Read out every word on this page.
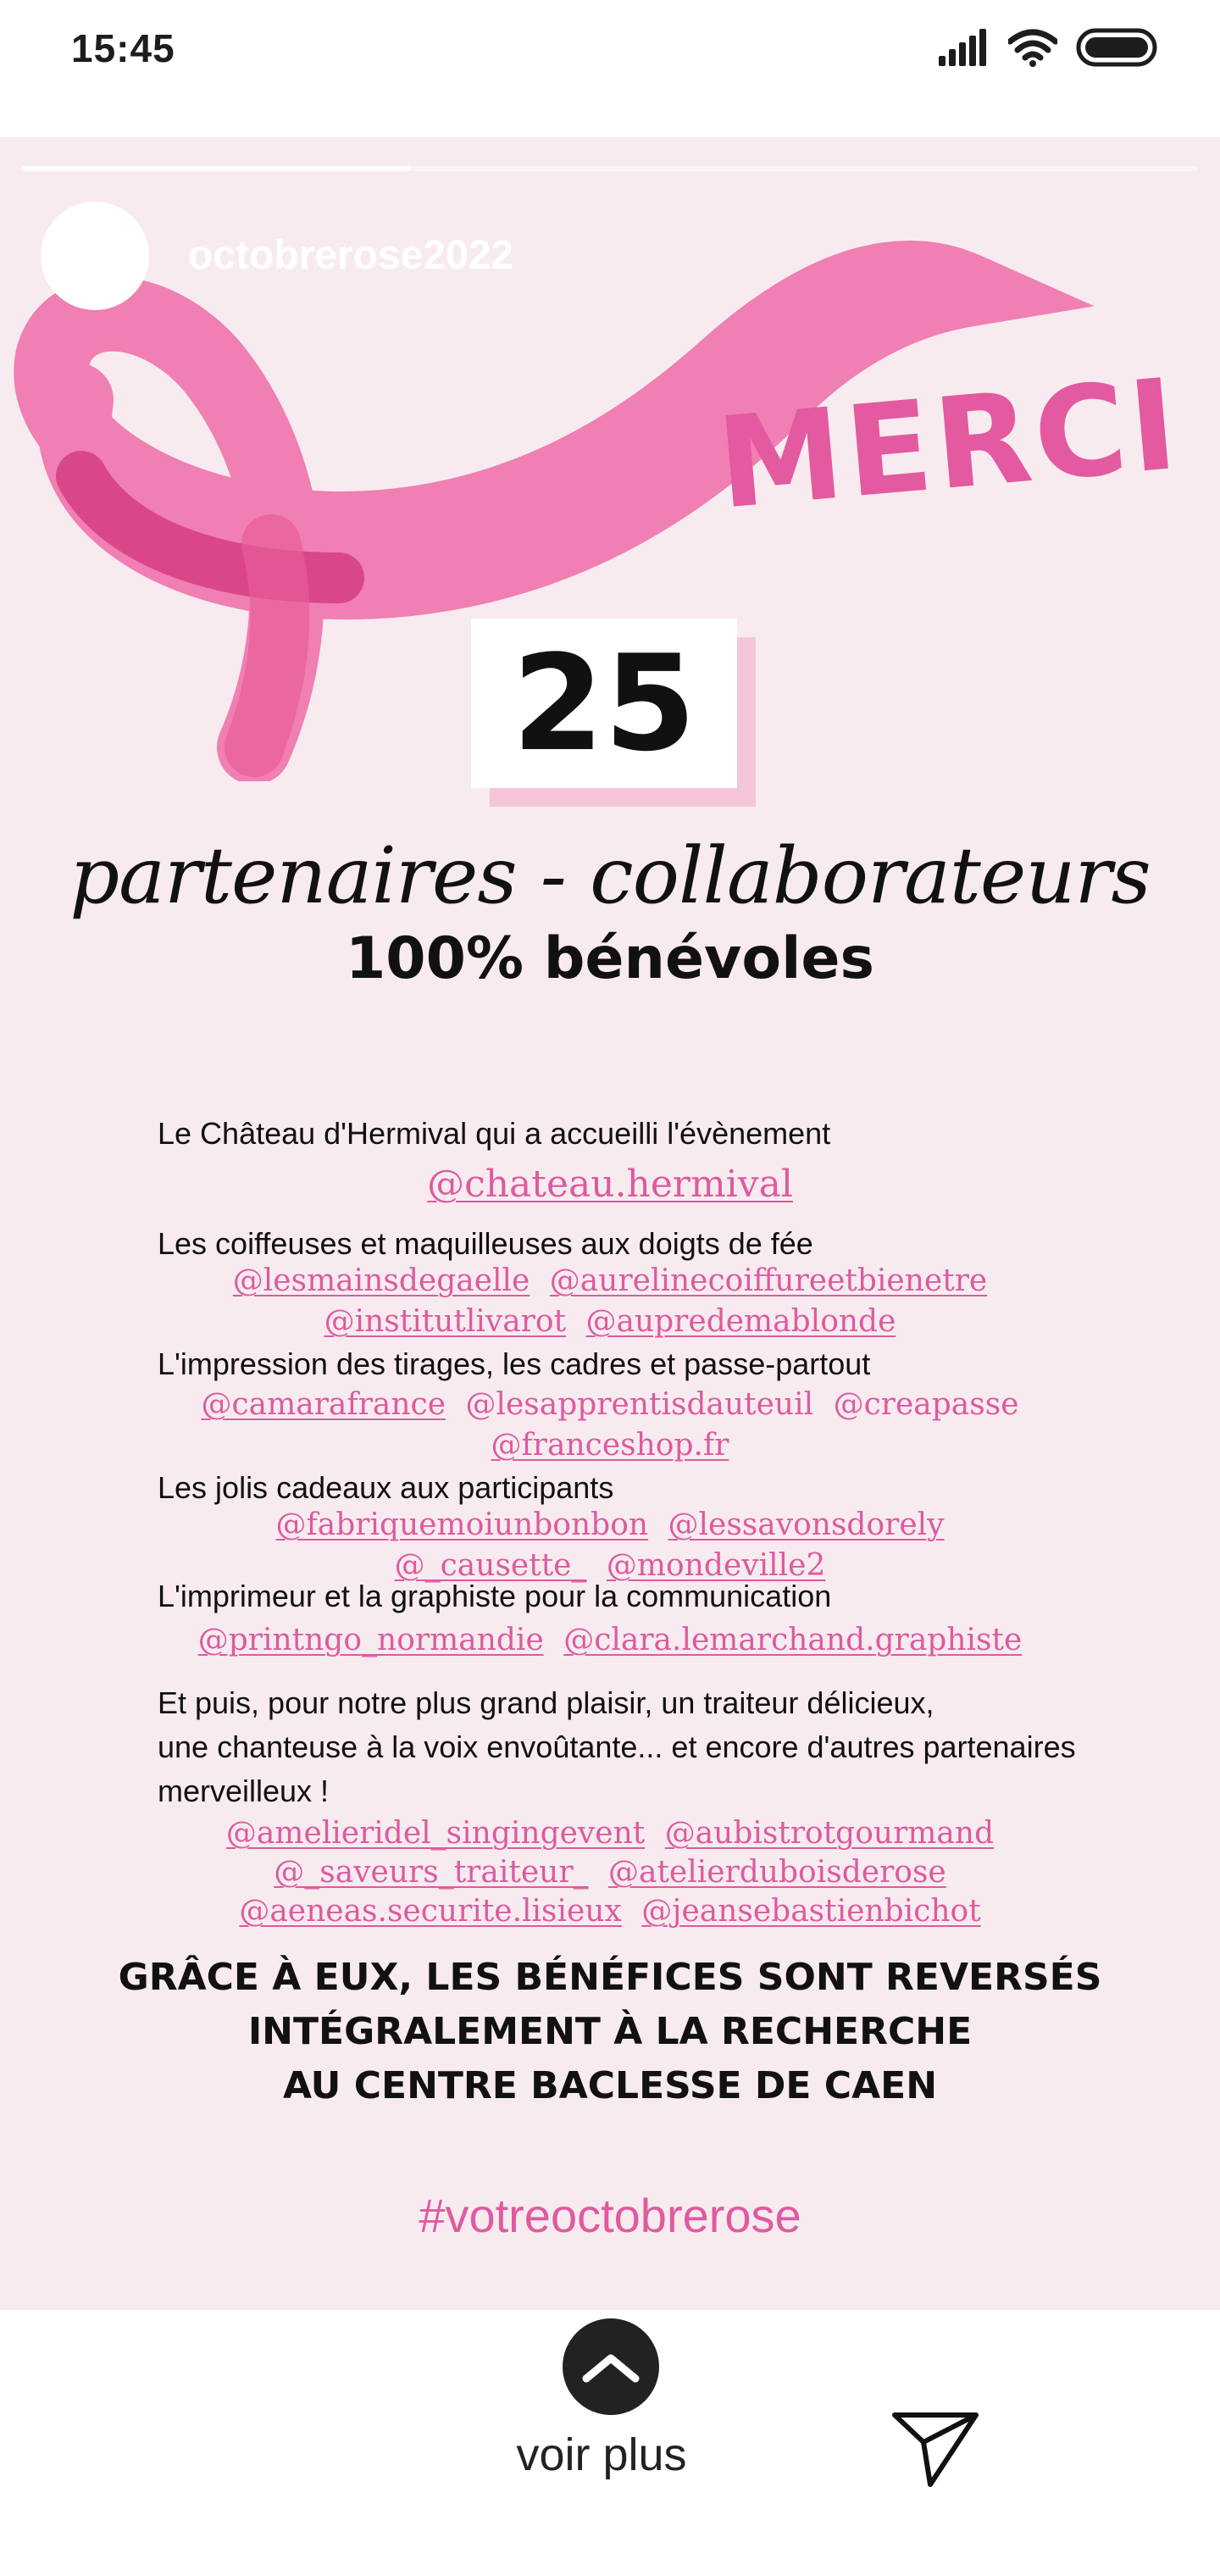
15:45
octobrerose2022
MERCI
25
partenaires - collaborateurs
100% bénévoles
Le Château d'Hermival qui a accueilli l'évènement
@chateau.hermival
Les coiffeuses et maquilleuses aux doigts de fée
@lesmainsdegaelle @aurelinecoiffureetbienetre
@institutlivarot @aupredemablonde
L'impression des tirages, les cadres et passe-partout
@camarafrance @lesapprentisdauteuil @creapasse
@franceshop.fr
Les jolis cadeaux aux participants
@fabriquemoiunbonbon @lessavonsdorely
@_causette_ @mondeville2
L'imprimeur et la graphiste pour la communication
@printngo_normandie @clara.lemarchand.graphiste
Et puis, pour notre plus grand plaisir, un traiteur délicieux,
une chanteuse à la voix envoûtante... et encore d'autres partenaires
merveilleux !
@amelieridel_singingevent @aubistrotgourmand
@_saveurs_traiteur_ @atelierduboisderose
@aeneas.securite.lisieux @jeansebastienbichot
GRÂCE À EUX, LES BÉNÉFICES SONT REVERSÉS
INTÉGRALEMENT À LA RECHERCHE
AU CENTRE BACLESSE DE CAEN
#votreoctobrerose
voir plus
